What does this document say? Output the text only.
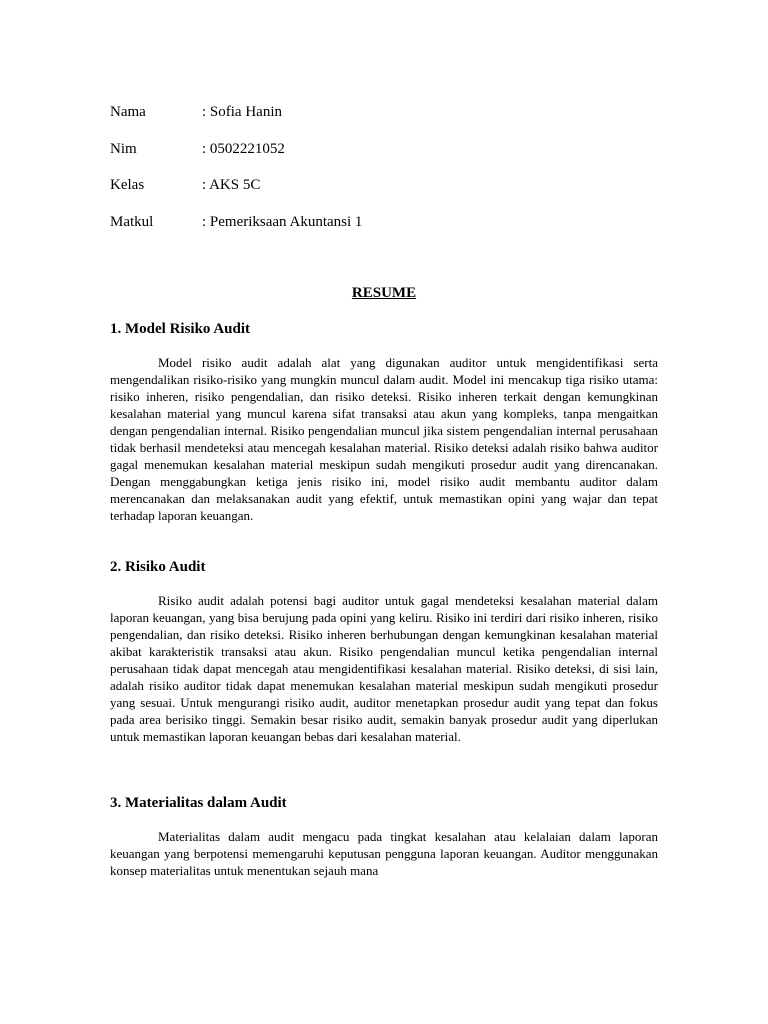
Nama	: Sofia Hanin
Nim	: 0502221052
Kelas	: AKS 5C
Matkul	: Pemeriksaan Akuntansi 1
RESUME
1. Model Risiko Audit

Model risiko audit adalah alat yang digunakan auditor untuk mengidentifikasi serta mengendalikan risiko-risiko yang mungkin muncul dalam audit. Model ini mencakup tiga risiko utama: risiko inheren, risiko pengendalian, dan risiko deteksi. Risiko inheren terkait dengan kemungkinan kesalahan material yang muncul karena sifat transaksi atau akun yang kompleks, tanpa mengaitkan dengan pengendalian internal. Risiko pengendalian muncul jika sistem pengendalian internal perusahaan tidak berhasil mendeteksi atau mencegah kesalahan material. Risiko deteksi adalah risiko bahwa auditor gagal menemukan kesalahan material meskipun sudah mengikuti prosedur audit yang direncanakan. Dengan menggabungkan ketiga jenis risiko ini, model risiko audit membantu auditor dalam merencanakan dan melaksanakan audit yang efektif, untuk memastikan opini yang wajar dan tepat terhadap laporan keuangan.

2. Risiko Audit

Risiko audit adalah potensi bagi auditor untuk gagal mendeteksi kesalahan material dalam laporan keuangan, yang bisa berujung pada opini yang keliru. Risiko ini terdiri dari risiko inheren, risiko pengendalian, dan risiko deteksi. Risiko inheren berhubungan dengan kemungkinan kesalahan material akibat karakteristik transaksi atau akun. Risiko pengendalian muncul ketika pengendalian internal perusahaan tidak dapat mencegah atau mengidentifikasi kesalahan material. Risiko deteksi, di sisi lain, adalah risiko auditor tidak dapat menemukan kesalahan material meskipun sudah mengikuti prosedur yang sesuai. Untuk mengurangi risiko audit, auditor menetapkan prosedur audit yang tepat dan fokus pada area berisiko tinggi. Semakin besar risiko audit, semakin banyak prosedur audit yang diperlukan untuk memastikan laporan keuangan bebas dari kesalahan material.

3. Materialitas dalam Audit

Materialitas dalam audit mengacu pada tingkat kesalahan atau kelalaian dalam laporan keuangan yang berpotensi memengaruhi keputusan pengguna laporan keuangan. Auditor menggunakan konsep materialitas untuk menentukan sejauh mana
